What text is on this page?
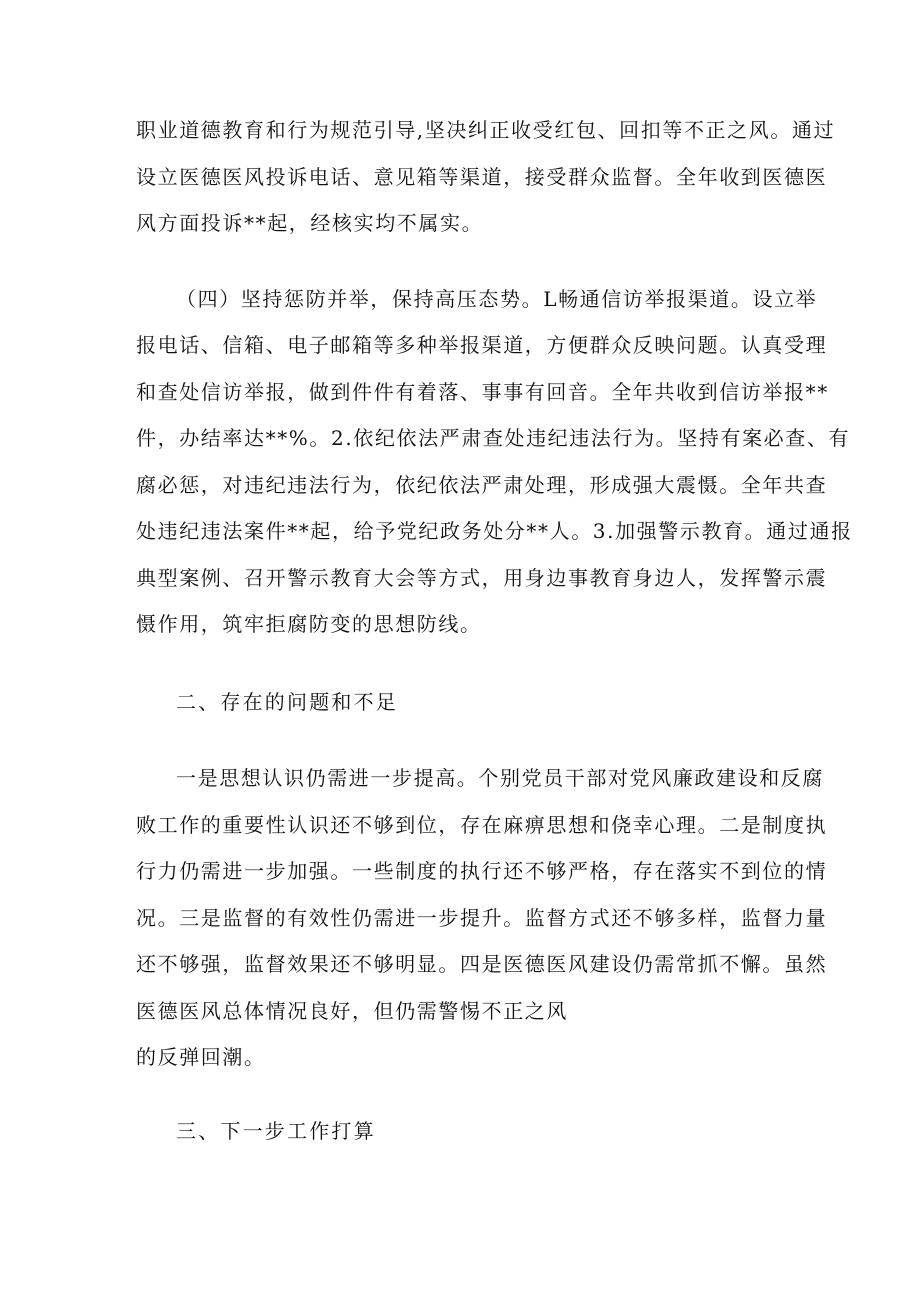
职业道德教育和行为规范引导,坚决纠正收受红包、回扣等不正之风。通过
设立医德医风投诉电话、意见箱等渠道，接受群众监督。全年收到医德医
风方面投诉**起，经核实均不属实。
（四）坚持惩防并举，保持高压态势。L畅通信访举报渠道。设立举
报电话、信箱、电子邮箱等多种举报渠道，方便群众反映问题。认真受理
和查处信访举报，做到件件有着落、事事有回音。全年共收到信访举报**
件，办结率达**%。2.依纪依法严肃查处违纪违法行为。坚持有案必查、有
腐必惩，对违纪违法行为，依纪依法严肃处理，形成强大震慑。全年共查
处违纪违法案件**起，给予党纪政务处分**人。3.加强警示教育。通过通报
典型案例、召开警示教育大会等方式，用身边事教育身边人，发挥警示震
慑作用，筑牢拒腐防变的思想防线。
二、存在的问题和不足
一是思想认识仍需进一步提高。个别党员干部对党风廉政建设和反腐
败工作的重要性认识还不够到位，存在麻痹思想和侥幸心理。二是制度执
行力仍需进一步加强。一些制度的执行还不够严格，存在落实不到位的情
况。三是监督的有效性仍需进一步提升。监督方式还不够多样，监督力量
还不够强，监督效果还不够明显。四是医德医风建设仍需常抓不懈。虽然
医德医风总体情况良好，但仍需警惕不正之风
的反弹回潮。
三、下一步工作打算
